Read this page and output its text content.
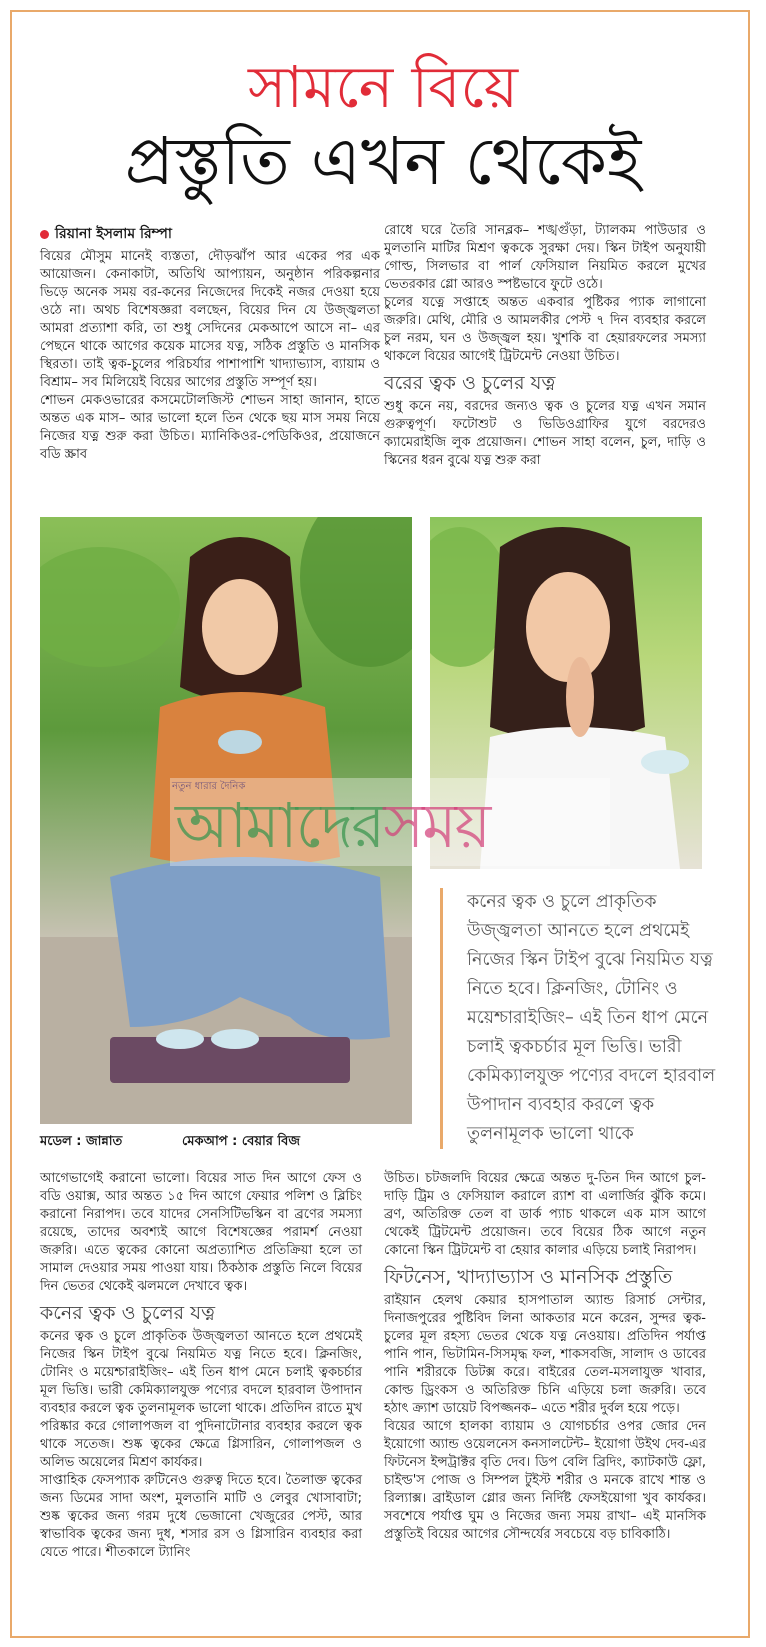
সামনে বিয়ে
প্রস্তুতি এখন থেকেই
রিয়ানা ইসলাম রিম্পা

বিয়ের মৌসুম মানেই ব্যস্ততা, দৌড়ঝাঁপ আর একের পর এক আয়োজন। কেনাকাটা, অতিথি আপ্যায়ন, অনুষ্ঠান পরিকল্পনার ভিড়ে অনেক সময় বর-কনের নিজেদের দিকেই নজর দেওয়া হয়ে ওঠে না। অথচ বিশেষজ্ঞরা বলছেন, বিয়ের দিন যে উজ্জ্বলতা আমরা প্রত্যাশা করি, তা শুধু সেদিনের মেকআপে আসে না– এর পেছনে থাকে আগের কয়েক মাসের যত্ন, সঠিক প্রস্তুতি ও মানসিক স্থিরতা। তাই ত্বক-চুলের পরিচর্যার পাশাপাশি খাদ্যাভ্যাস, ব্যায়াম ও বিশ্রাম– সব মিলিয়েই বিয়ের আগের প্রস্তুতি সম্পূর্ণ হয়।

শোভন মেকওভারের কসমেটোলজিস্ট শোভন সাহা জানান, হাতে অন্তত এক মাস– আর ভালো হলে তিন থেকে ছয় মাস সময় নিয়ে নিজের যত্ন শুরু করা উচিত। ম্যানিকিওর-পেডিকিওর, প্রয়োজনে বডি স্ক্রাব

রোধে ঘরে তৈরি সানব্লক– শঙ্খগুঁড়া, ট্যালকম পাউডার ও মুলতানি মাটির মিশ্রণ ত্বককে সুরক্ষা দেয়। স্কিন টাইপ অনুযায়ী গোল্ড, সিলভার বা পার্ল ফেসিয়াল নিয়মিত করলে মুখের ভেতরকার গ্লো আরও স্পষ্টভাবে ফুটে ওঠে।

চুলের যত্নে সপ্তাহে অন্তত একবার পুষ্টিকর প্যাক লাগানো জরুরি। মেথি, মৌরি ও আমলকীর পেস্ট ৭ দিন ব্যবহার করলে চুল নরম, ঘন ও উজ্জ্বল হয়। খুশকি বা হেয়ারফলের সমস্যা থাকলে বিয়ের আগেই ট্রিটমেন্ট নেওয়া উচিত।

বরের ত্বক ও চুলের যত্ন

শুধু কনে নয়, বরদের জন্যও ত্বক ও চুলের যত্ন এখন সমান গুরুত্বপূর্ণ। ফটোশুট ও ভিডিওগ্রাফির যুগে বরদেরও ক্যামেরাইজি লুক প্রয়োজন। শোভন সাহা বলেন, চুল, দাড়ি ও স্কিনের ধরন বুঝে যত্ন শুরু করা

নতুন ধারার দৈনিক
আমাদেরসময়
কনের ত্বক ও চুলে প্রাকৃতিক উজ্জ্বলতা আনতে হলে প্রথমেই নিজের স্কিন টাইপ বুঝে নিয়মিত যত্ন নিতে হবে। ক্লিনজিং, টোনিং ও ময়েশ্চারাইজিং– এই তিন ধাপ মেনে চলাই ত্বকচর্চার মূল ভিত্তি। ভারী কেমিক্যালযুক্ত পণ্যের বদলে হারবাল উপাদান ব্যবহার করলে ত্বক তুলনামূলক ভালো থাকে
মডেল : জান্নাত	মেকআপ : বেয়ার বিজ

আগেভাগেই করানো ভালো। বিয়ের সাত দিন আগে ফেস ও বডি ওয়াক্স, আর অন্তত ১৫ দিন আগে ফেয়ার পলিশ ও ব্লিচিং করানো নিরাপদ। তবে যাদের সেনসিটিভস্কিন বা ব্রণের সমস্যা রয়েছে, তাদের অবশ্যই আগে বিশেষজ্ঞের পরামর্শ নেওয়া জরুরি। এতে ত্বকের কোনো অপ্রত্যাশিত প্রতিক্রিয়া হলে তা সামাল দেওয়ার সময় পাওয়া যায়। ঠিকঠাক প্রস্তুতি নিলে বিয়ের দিন ভেতর থেকেই ঝলমলে দেখাবে ত্বক।

কনের ত্বক ও চুলের যত্ন

কনের ত্বক ও চুলে প্রাকৃতিক উজ্জ্বলতা আনতে হলে প্রথমেই নিজের স্কিন টাইপ বুঝে নিয়মিত যত্ন নিতে হবে। ক্লিনজিং, টোনিং ও ময়েশ্চারাইজিং– এই তিন ধাপ মেনে চলাই ত্বকচর্চার মূল ভিত্তি। ভারী কেমিক্যালযুক্ত পণ্যের বদলে হারবাল উপাদান ব্যবহার করলে ত্বক তুলনামূলক ভালো থাকে। প্রতিদিন রাতে মুখ পরিষ্কার করে গোলাপজল বা পুদিনাটোনার ব্যবহার করলে ত্বক থাকে সতেজ। শুষ্ক ত্বকের ক্ষেত্রে গ্লিসারিন, গোলাপজল ও অলিভ অয়েলের মিশ্রণ কার্যকর।

সাপ্তাহিক ফেসপ্যাক রুটিনেও গুরুত্ব দিতে হবে। তৈলাক্ত ত্বকের জন্য ডিমের সাদা অংশ, মুলতানি মাটি ও লেবুর খোসাবাটা; শুষ্ক ত্বকের জন্য গরম দুধে ভেজানো খেজুরের পেস্ট, আর স্বাভাবিক ত্বকের জন্য দুধ, শসার রস ও গ্লিসারিন ব্যবহার করা যেতে পারে। শীতকালে ট্যানিং

উচিত। চটজলদি বিয়ের ক্ষেত্রে অন্তত দু-তিন দিন আগে চুল-দাড়ি ট্রিম ও ফেসিয়াল করালে র‍্যাশ বা এলার্জির ঝুঁকি কমে। ব্রণ, অতিরিক্ত তেল বা ডার্ক প্যাচ থাকলে এক মাস আগে থেকেই ট্রিটমেন্ট প্রয়োজন। তবে বিয়ের ঠিক আগে নতুন কোনো স্কিন ট্রিটমেন্ট বা হেয়ার কালার এড়িয়ে চলাই নিরাপদ।

ফিটনেস, খাদ্যাভ্যাস ও মানসিক প্রস্তুতি

রাইয়ান হেলথ কেয়ার হাসপাতাল অ্যান্ড রিসার্চ সেন্টার, দিনাজপুরের পুষ্টিবিদ লিনা আকতার মনে করেন, সুন্দর ত্বক-চুলের মূল রহস্য ভেতর থেকে যত্ন নেওয়ায়। প্রতিদিন পর্যাপ্ত পানি পান, ভিটামিন-সিসমৃদ্ধ ফল, শাকসবজি, সালাদ ও ডাবের পানি শরীরকে ডিটক্স করে। বাইরের তেল-মসলাযুক্ত খাবার, কোল্ড ড্রিংকস ও অতিরিক্ত চিনি এড়িয়ে চলা জরুরি। তবে হঠাৎ ক্র্যাশ ডায়েট বিপজ্জনক– এতে শরীর দুর্বল হয়ে পড়ে।

বিয়ের আগে হালকা ব্যায়াম ও যোগচর্চার ওপর জোর দেন ইয়োগো অ্যান্ড ওয়েলনেস কনসালটেন্ট– ইয়োগা উইথ দেব-এর ফিটনেস ইন্সট্রাক্টর বৃতি দেব। ডিপ বেলি ব্রিদিং, ক্যাটকাউ ফ্লো, চাইল্ড'স পোজ ও সিম্পল টুইস্ট শরীর ও মনকে রাখে শান্ত ও রিল্যাক্স। ব্রাইডাল গ্লোর জন্য নির্দিষ্ট ফেসইয়োগা খুব কার্যকর। সবশেষে পর্যাপ্ত ঘুম ও নিজের জন্য সময় রাখা– এই মানসিক প্রস্তুতিই বিয়ের আগের সৌন্দর্যের সবচেয়ে বড় চাবিকাঠি।
